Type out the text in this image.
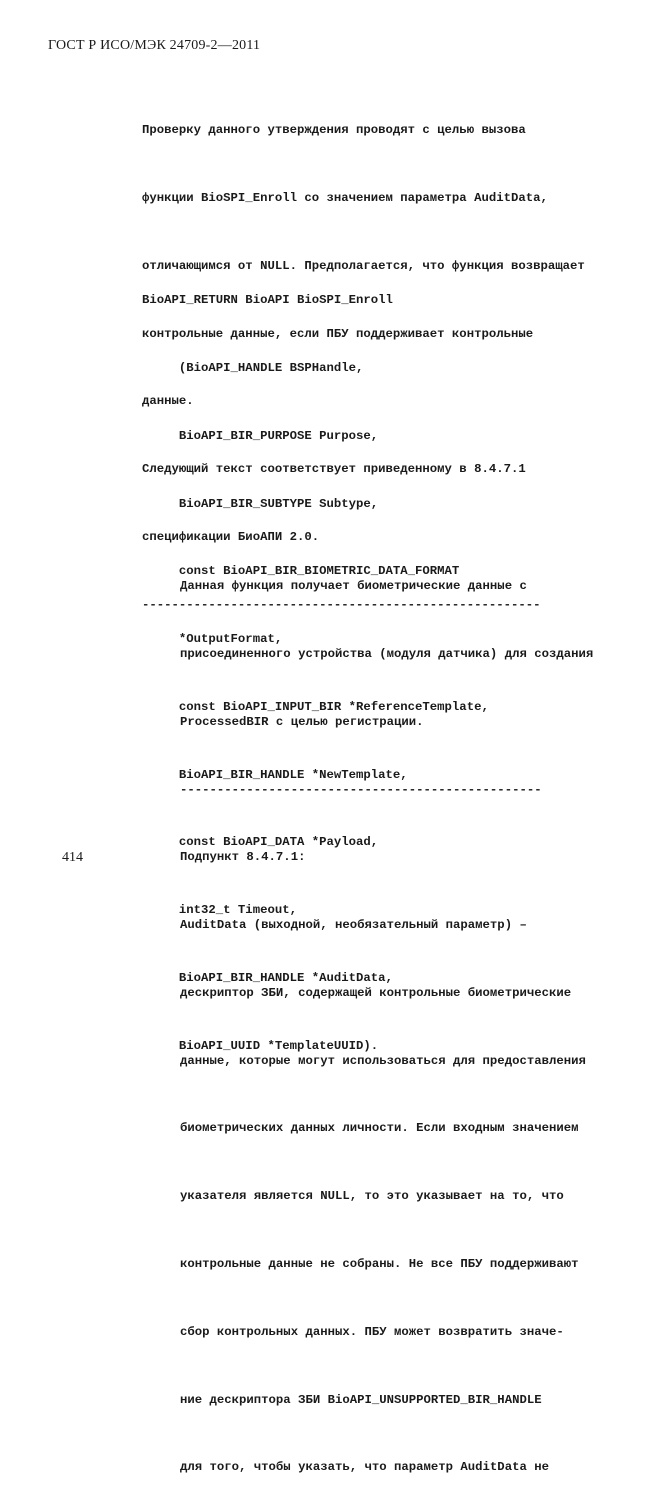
ГОСТ Р ИСО/МЭК 24709-2—2011

Проверку данного утверждения проводят с целью вызова

функции BioSPI_Enroll со значением параметра AuditData,

отличающимся от NULL. Предполагается, что функция возвращает

контрольные данные, если ПБУ поддерживает контрольные

данные.

Следующий текст соответствует приведенному в 8.4.7.1

спецификации БиоАПИ 2.0.

------------------------------------------------------

BioAPI_RETURN BioAPI BioSPI_Enroll

(BioAPI_HANDLE BSPHandle,

BioAPI_BIR_PURPOSE Purpose,

BioAPI_BIR_SUBTYPE Subtype,

const BioAPI_BIR_BIOMETRIC_DATA_FORMAT

*OutputFormat,

const BioAPI_INPUT_BIR *ReferenceTemplate,

BioAPI_BIR_HANDLE *NewTemplate,

const BioAPI_DATA *Payload,

int32_t Timeout,

BioAPI_BIR_HANDLE *AuditData,

BioAPI_UUID *TemplateUUID).

Данная функция получает биометрические данные с

присоединенного устройства (модуля датчика) для создания

ProcessedBIR с целью регистрации.

-------------------------------------------------

Подпункт 8.4.7.1:

AuditData (выходной, необязательный параметр) –

дескриптор ЗБИ, содержащей контрольные биометрические

данные, которые могут использоваться для предоставления

биометрических данных личности. Если входным значением

указателя является NULL, то это указывает на то, что

контрольные данные не собраны. Не все ПБУ поддерживают

сбор контрольных данных. ПБУ может возвратить значе-

ние дескриптора ЗБИ BioAPI_UNSUPPORTED_BIR_HANDLE

для того, чтобы указать, что параметр AuditData не

414
